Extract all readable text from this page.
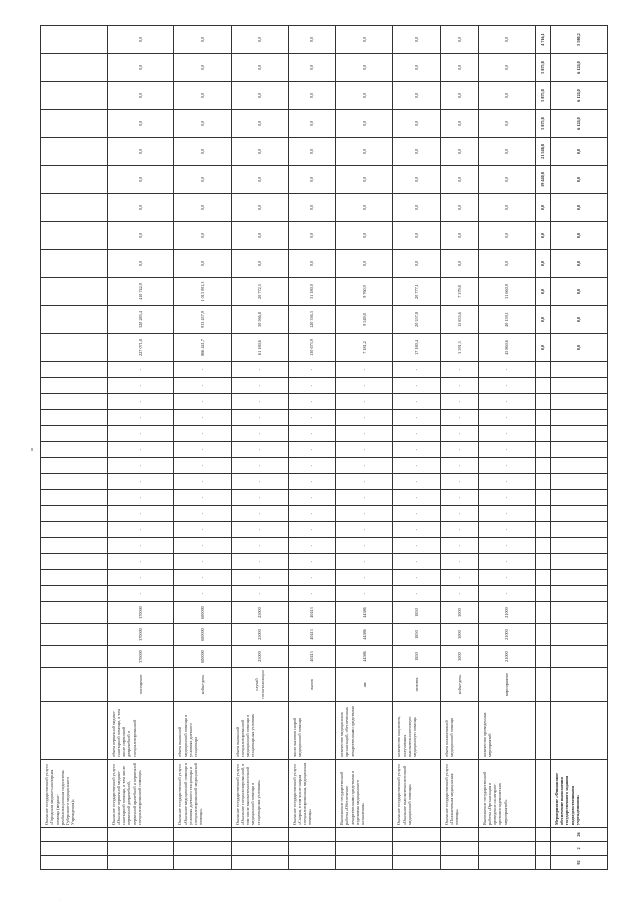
8
.
			Оказание государственной услуги «Городская медико-санитарная помощь (медико-реабилитационная подсистема Губернского медицинского Учреждения)»																																
			Оказание государственной услуги «Оказание первичной медико-санитарной помощи, в том числе первичной доврачебной, первичной врачебной и первичной специализированной помощи»	объем первичной медико-санитарной помощи, в том числе первичной доврачебной и специализированной	посещение	370000	370000	370000	-	-	-	-	-	-	-	-	-	-	-	-	-	-	-	227 071,8	320 285,4	410 742,9	0,0	0,0	0,0	0,0	0,0	0,0	0,0	0,0	0,0
			Оказание государственной услуги «Оказание медицинской помощи в условиях дневного стационара и специализированной медицинской помощи»	объем оказанной медицинской помощи в условиях дневного стационара	койко-день	600000	600000	600000	-	-	-	-	-	-	-	-	-	-	-	-	-	-	-	866 441,7	913 437,9	1 013 001,3	0,0	0,0	0,0	0,0	0,0	0,0	0,0	0,0	0,0
			Оказание государственной услуги «Оказание специализированной, в том числе высокотехнологичной медицинской помощи в стационарных условиях»	объем оказанной специализированной медицинской помощи в стационарных условиях	случай госпитализации	25000	25000	25000	-	-	-	-	-	-	-	-	-	-	-	-	-	-	-	61 180,6	30 566,8	20 772,5	0,0	0,0	0,0	0,0	0,0	0,0	0,0	0,0	0,0
			Оказание государственной услуги «Скорая, в том числе скорая специализированная, медицинская помощь»	число вызовов скорой медицинской помощи	вызов	40413	40413	40413	-	-	-	-	-	-	-	-	-	-	-	-	-	-	-	130 673,9	120 336,3	31 180,0	0,0	0,0	0,0	0,0	0,0	0,0	0,0	0,0	0,0
			Выполнение государственной работы «Обеспечение лекарственными средствами и изделиями медицинского назначения»	количество медицинских организаций, обеспеченных лекарственными средствами	шт.	44586	44586	44586	-	-	-	-	-	-	-	-	-	-	-	-	-	-	-	7 181,2	9 549,8	9 760,9	0,0	0,0	0,0	0,0	0,0	0,0	0,0	0,0	0,0
			Оказание государственной услуги «Оказание высокотехнологичной медицинской помощи»	количество пациентов, получивших высокотехнологичную медицинскую помощь	человек	1850	1850	1850	-	-	-	-	-	-	-	-	-	-	-	-	-	-	-	17 180,4	20 557,8	20 777,1	0,0	0,0	0,0	0,0	0,0	0,0	0,0	0,0	0,0
			Оказание государственной услуги «Паллиативная медицинская помощь»	объем паллиативной медицинской помощи	койко-день	3000	3000	3000	-	-	-	-	-	-	-	-	-	-	-	-	-	-	-	3 591,3	15 835,6	7 379,8	0,0	0,0	0,0	0,0	0,0	0,0	0,0	0,0	0,0
			Выполнение государственной работы «Организация и проведение санитарно-противоэпидемических мероприятий»	количество проведенных мероприятий	мероприятие	21000	21000	21000	-	-	-	-	-	-	-	-	-	-	-	-	-	-	-	45 860,6	40 159,1	31 660,9	0,0	0,0	0,0	0,0	0,0	0,0	0,0	0,0	0,0
																								0,0	0,0	0,0	0,0	0,0	0,0	19 440,8	21 548,8	5 875,8	5 875,8	5 875,8	4 716,1
92	2	26	Мероприятие «Финансовое обеспечение выполнения государственного задания подведомственными учреждениями»																					0,0	0,0	0,0	0,0	0,0	0,0	0,0	0,0	6 124,0	6 124,0	6 124,0	5 580,2
